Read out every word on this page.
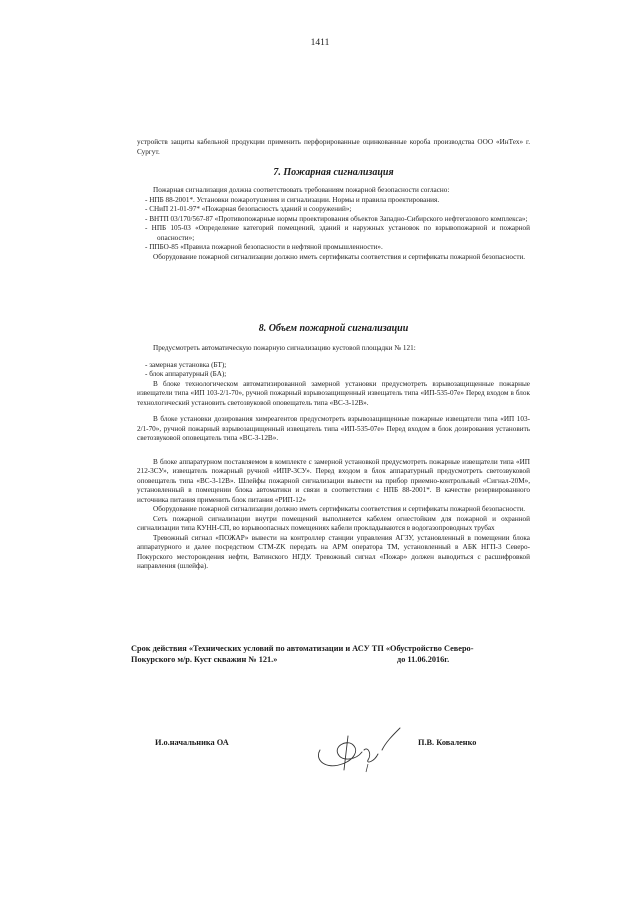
1411

устройств защиты кабельной продукции применить перфорированные оцинкованные короба производства ООО «ИнТех» г. Сургут.

7. Пожарная сигнализация

Пожарная сигнализация должна соответствовать требованиям пожарной безопасности согласно:

- НПБ 88-2001*. Установки пожаротушения и сигнализации. Нормы и правила проектирования.

- СНиП 21-01-97* «Пожарная безопасность зданий и сооружений»;

- ВНТП 03/170/567-87 «Противопожарные нормы проектирования объектов Западно-Сибирского нефтегазового комплекса»;

- НПБ 105-03 «Определение категорий помещений, зданий и наружных установок по взрывопожарной и пожарной опасности»;

- ППБО-85 «Правила пожарной безопасности в нефтяной промышленности».

Оборудование пожарной сигнализации должно иметь сертификаты соответствия и сертификаты пожарной безопасности.

8. Объем пожарной сигнализации

Предусмотреть автоматическую пожарную сигнализацию кустовой площадки № 121:

- замерная установка (БТ);

- блок аппаратурный (БА);

В блоке технологическом автоматизированной замерной установки предусмотреть взрывозащищенные пожарные извещатели типа «ИП 103-2/1-70», ручной пожарный взрывозащищенный извещатель типа «ИП-535-07е» Перед входом в блок технологический установить светозвуковой оповещатель типа «ВС-3-12В».

В блоке установки дозирования химреагентов предусмотреть взрывозащищенные пожарные извещатели типа «ИП 103-2/1-70», ручной пожарный взрывозащищенный извещатель типа «ИП-535-07е» Перед входом в блок дозирования установить светозвуковой оповещатель типа «ВС-3-12В».

В блоке аппаратурном поставляемом в комплекте с замерной установкой предусмотреть пожарные извещатели типа «ИП 212-3СУ», извещатель пожарный ручной «ИПР-3СУ». Перед входом в блок аппаратурный предусмотреть светозвуковой оповещатель типа «ВС-3-12В». Шлейфы пожарной сигнализации вывести на прибор приемно-контрольный «Сигнал-20М», установленный в помещении блока автоматики и связи в соответствии с НПБ 88-2001*. В качестве резервированного источника питания применить блок питания «РИП-12»

Оборудование пожарной сигнализации должно иметь сертификаты соответствия и сертификаты пожарной безопасности.

Сеть пожарной сигнализации внутри помещений выполняется кабелем огнестойким для пожарной и охранной сигнализации типа КУНН-СП, во взрывоопасных помещениях кабели прокладываются в водогазопроводных трубах

Тревожный сигнал «ПОЖАР» вывести на контроллер станции управления АГЗУ, установленный в помещении блока аппаратурного и далее посредством СТМ-ZK передать на АРМ оператора ТМ, установленный в АБК НГП-3 Северо-Покурского месторождения нефти, Ватинского НГДУ. Тревожный сигнал «Пожар» должен выводиться с расшифровкой направления (шлейфа).

Срок действия «Технических условий по автоматизации и АСУ ТП «Обустройство Северо-
Покурского м/р. Куст скважин № 121.»	до 11.06.2016г.
И.о.начальника ОА	П.В. Коваленко
